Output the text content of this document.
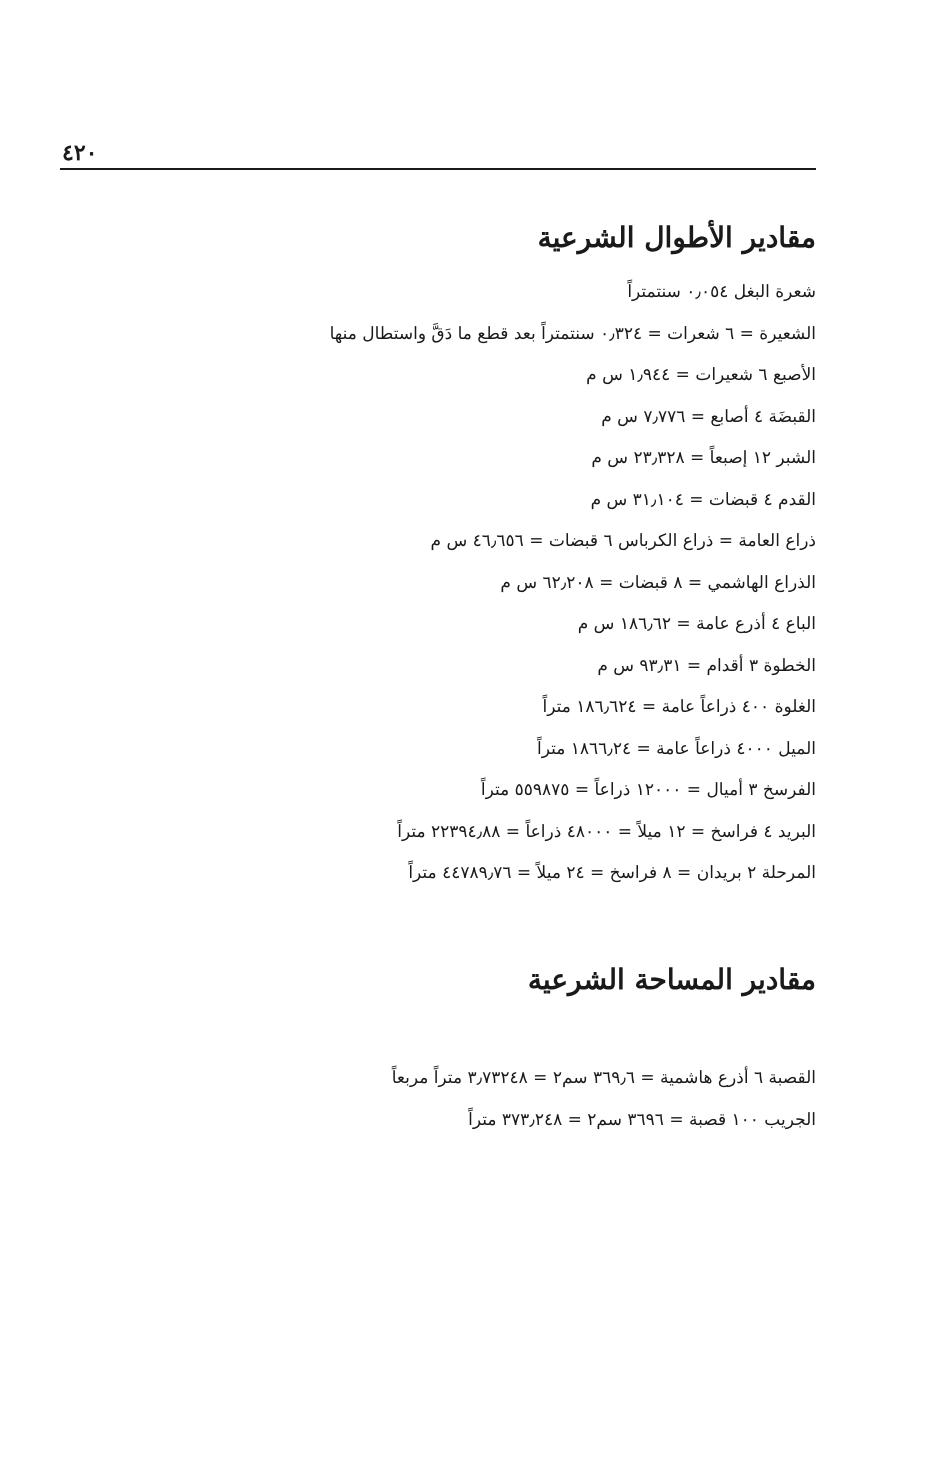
٤٢٠
مقادير الأطوال الشرعية
شعرة البغل ٠٫٠٥٤ سنتمتراً
الشعيرة = ٦ شعرات = ٠٫٣٢٤ سنتمتراً بعد قطع ما دَقَّ واستطال منها
الأصبع ٦ شعيرات = ١٫٩٤٤ س م
القبضَة ٤ أصابع = ٧٫٧٧٦ س م
الشبر ١٢ إصبعاً = ٢٣٫٣٢٨ س م
القدم ٤ قبضات = ٣١٫١٠٤ س م
ذراع العامة = ذراع الكرباس ٦ قبضات = ٤٦٫٦٥٦ س م
الذراع الهاشمي = ٨ قبضات = ٦٢٫٢٠٨ س م
الباع ٤ أذرع عامة = ١٨٦٫٦٢ س م
الخطوة ٣ أقدام = ٩٣٫٣١ س م
الغلوة ٤٠٠ ذراعاً عامة = ١٨٦٫٦٢٤ متراً
الميل ٤٠٠٠ ذراعاً عامة = ١٨٦٦٫٢٤ متراً
الفرسخ ٣ أميال = ١٢٠٠٠ ذراعاً = ٥٥٩٨٧٥ متراً
البريد ٤ فراسخ = ١٢ ميلاً = ٤٨٠٠٠ ذراعاً = ٢٢٣٩٤٫٨٨ متراً
المرحلة ٢ بريدان = ٨ فراسخ = ٢٤ ميلاً = ٤٤٧٨٩٫٧٦ متراً
مقادير المساحة الشرعية
القصبة ٦ أذرع هاشمية = ٣٦٩٫٦ سم٢ = ٣٫٧٣٢٤٨ متراً مربعاً
الجريب ١٠٠ قصبة = ٣٦٩٦ سم٢ = ٣٧٣٫٢٤٨ متراً
